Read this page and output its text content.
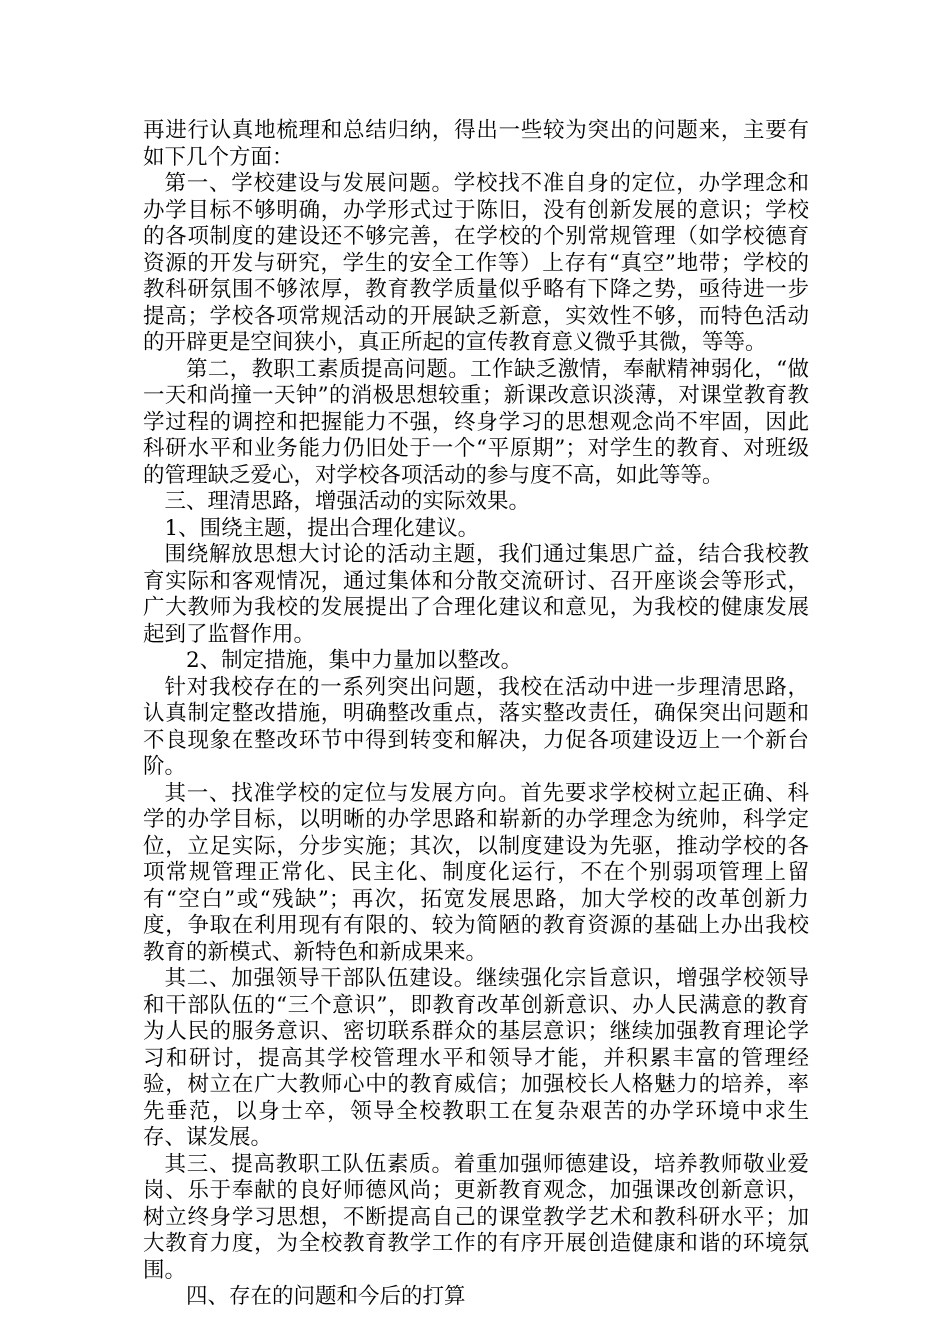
再进行认真地梳理和总结归纳，得出一些较为突出的问题来，主要有如下几个方面：

第一、学校建设与发展问题。学校找不准自身的定位，办学理念和办学目标不够明确，办学形式过于陈旧，没有创新发展的意识；学校的各项制度的建设还不够完善，在学校的个别常规管理（如学校德育资源的开发与研究，学生的安全工作等）上存有“真空”地带；学校的教科研氛围不够浓厚，教育教学质量似乎略有下降之势，亟待进一步提高；学校各项常规活动的开展缺乏新意，实效性不够，而特色活动的开辟更是空间狭小，真正所起的宣传教育意义微乎其微，等等。

第二，教职工素质提高问题。工作缺乏激情，奉献精神弱化，“做一天和尚撞一天钟”的消极思想较重；新课改意识淡薄，对课堂教育教学过程的调控和把握能力不强，终身学习的思想观念尚不牢固，因此科研水平和业务能力仍旧处于一个“平原期”；对学生的教育、对班级的管理缺乏爱心，对学校各项活动的参与度不高，如此等等。

三、理清思路，增强活动的实际效果。

1、围绕主题，提出合理化建议。

围绕解放思想大讨论的活动主题，我们通过集思广益，结合我校教育实际和客观情况，通过集体和分散交流研讨、召开座谈会等形式，广大教师为我校的发展提出了合理化建议和意见，为我校的健康发展起到了监督作用。

2、制定措施，集中力量加以整改。

针对我校存在的一系列突出问题，我校在活动中进一步理清思路，认真制定整改措施，明确整改重点，落实整改责任，确保突出问题和不良现象在整改环节中得到转变和解决，力促各项建设迈上一个新台阶。

其一、找准学校的定位与发展方向。首先要求学校树立起正确、科学的办学目标，以明晰的办学思路和崭新的办学理念为统帅，科学定位，立足实际，分步实施；其次，以制度建设为先驱，推动学校的各项常规管理正常化、民主化、制度化运行，不在个别弱项管理上留有“空白”或“残缺”；再次，拓宽发展思路，加大学校的改革创新力度，争取在利用现有有限的、较为简陋的教育资源的基础上办出我校教育的新模式、新特色和新成果来。

其二、加强领导干部队伍建设。继续强化宗旨意识，增强学校领导和干部队伍的“三个意识”，即教育改革创新意识、办人民满意的教育为人民的服务意识、密切联系群众的基层意识；继续加强教育理论学习和研讨，提高其学校管理水平和领导才能，并积累丰富的管理经验，树立在广大教师心中的教育威信；加强校长人格魅力的培养，率先垂范，以身士卒，领导全校教职工在复杂艰苦的办学环境中求生存、谋发展。

其三、提高教职工队伍素质。着重加强师德建设，培养教师敬业爱岗、乐于奉献的良好师德风尚；更新教育观念，加强课改创新意识，树立终身学习思想，不断提高自己的课堂教学艺术和教科研水平；加大教育力度，为全校教育教学工作的有序开展创造健康和谐的环境氛围。

四、存在的问题和今后的打算
